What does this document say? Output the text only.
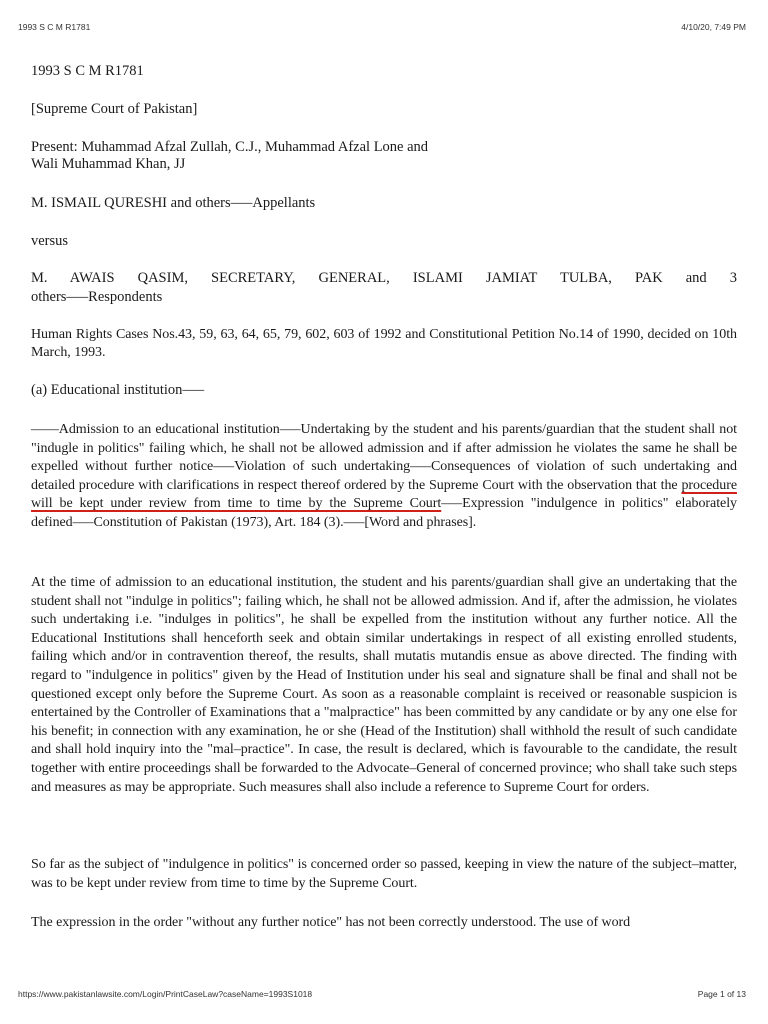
1993 S C M R1781	4/10/20, 7:49 PM

1993 S C M R1781

[Supreme Court of Pakistan]

Present: Muhammad Afzal Zullah, C.J., Muhammad Afzal Lone and
Wali Muhammad Khan, JJ

M. ISMAIL QURESHI and others–––Appellants

versus

M. AWAIS QASIM, SECRETARY, GENERAL, ISLAMI JAMIAT TULBA, PAK and 3
others–––Respondents

Human Rights Cases Nos.43, 59, 63, 64, 65, 79, 602, 603 of 1992 and Constitutional Petition No.14 of 1990, decided on 10th March, 1993.

(a) Educational institution–––

––––Admission to an educational institution–––Undertaking by the student and his parents/guardian that the student shall not "indugle in politics" failing which, he shall not be allowed admission and if after admission he violates the same he shall be expelled without further notice–––Violation of such undertaking–––Consequences of violation of such undertaking and detailed procedure with clarifications in respect thereof ordered by the Supreme Court with the observation that the procedure will be kept under review from time to time by the Supreme Court–––Expression "indulgence in politics" elaborately defined–––Constitution of Pakistan (1973), Art. 184 (3).–––[Word and phrases].

At the time of admission to an educational institution, the student and his parents/guardian shall give an undertaking that the student shall not "indulge in politics"; failing which, he shall not be allowed admission. And if, after the admission, he violates such undertaking i.e. "indulges in politics", he shall be expelled from the institution without any further notice. All the Educational Institutions shall henceforth seek and obtain similar undertakings in respect of all existing enrolled students, failing which and/or in contravention thereof, the results, shall mutatis mutandis ensue as above directed. The finding with regard to "indulgence in politics" given by the Head of Institution under his seal and signature shall be final and shall not be questioned except only before the Supreme Court. As soon as a reasonable complaint is received or reasonable suspicion is entertained by the Controller of Examinations that a "malpractice" has been committed by any candidate or by any one else for his benefit; in connection with any examination, he or she (Head of the Institution) shall withhold the result of such candidate and shall hold inquiry into the "mal–practice". In case, the result is declared, which is favourable to the candidate, the result together with entire proceedings shall be forwarded to the Advocate–General of concerned province; who shall take such steps and measures as may be appropriate. Such measures shall also include a reference to Supreme Court for orders.

So far as the subject of "indulgence in politics" is concerned order so passed, keeping in view the nature of the subject–matter, was to be kept under review from time to time by the Supreme Court.

The expression in the order "without any further notice" has not been correctly understood. The use of word

https://www.pakistanlawsite.com/Login/PrintCaseLaw?caseName=1993S1018	Page 1 of 13
